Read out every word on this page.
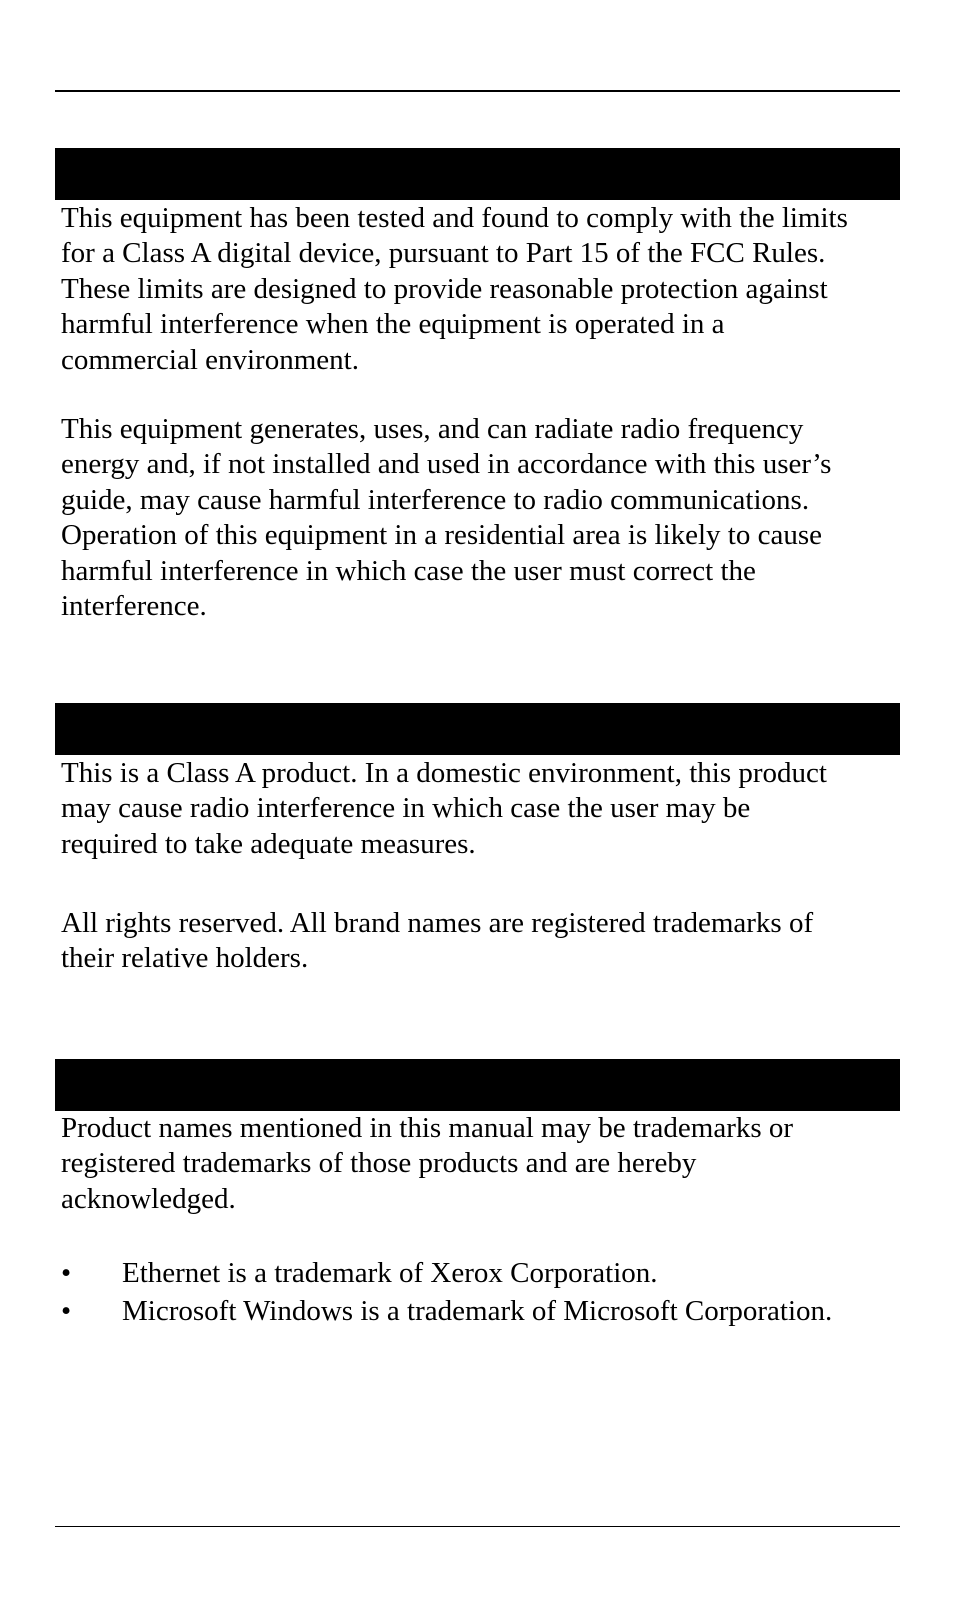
This equipment has been tested and found to comply with the limits
for a Class A digital device, pursuant to Part 15 of the FCC Rules.
These limits are designed to provide reasonable protection against
harmful interference when the equipment is operated in a
commercial environment.

This equipment generates, uses, and can radiate radio frequency
energy and, if not installed and used in accordance with this user’s
guide, may cause harmful interference to radio communications.
Operation of this equipment in a residential area is likely to cause
harmful interference in which case the user must correct the
interference.

This is a Class A product. In a domestic environment, this product
may cause radio interference in which case the user may be
required to take adequate measures.

All rights reserved. All brand names are registered trademarks of
their relative holders.

Product names mentioned in this manual may be trademarks or
registered trademarks of those products and are hereby
acknowledged.

• Ethernet is a trademark of Xerox Corporation.
• Microsoft Windows is a trademark of Microsoft Corporation.
